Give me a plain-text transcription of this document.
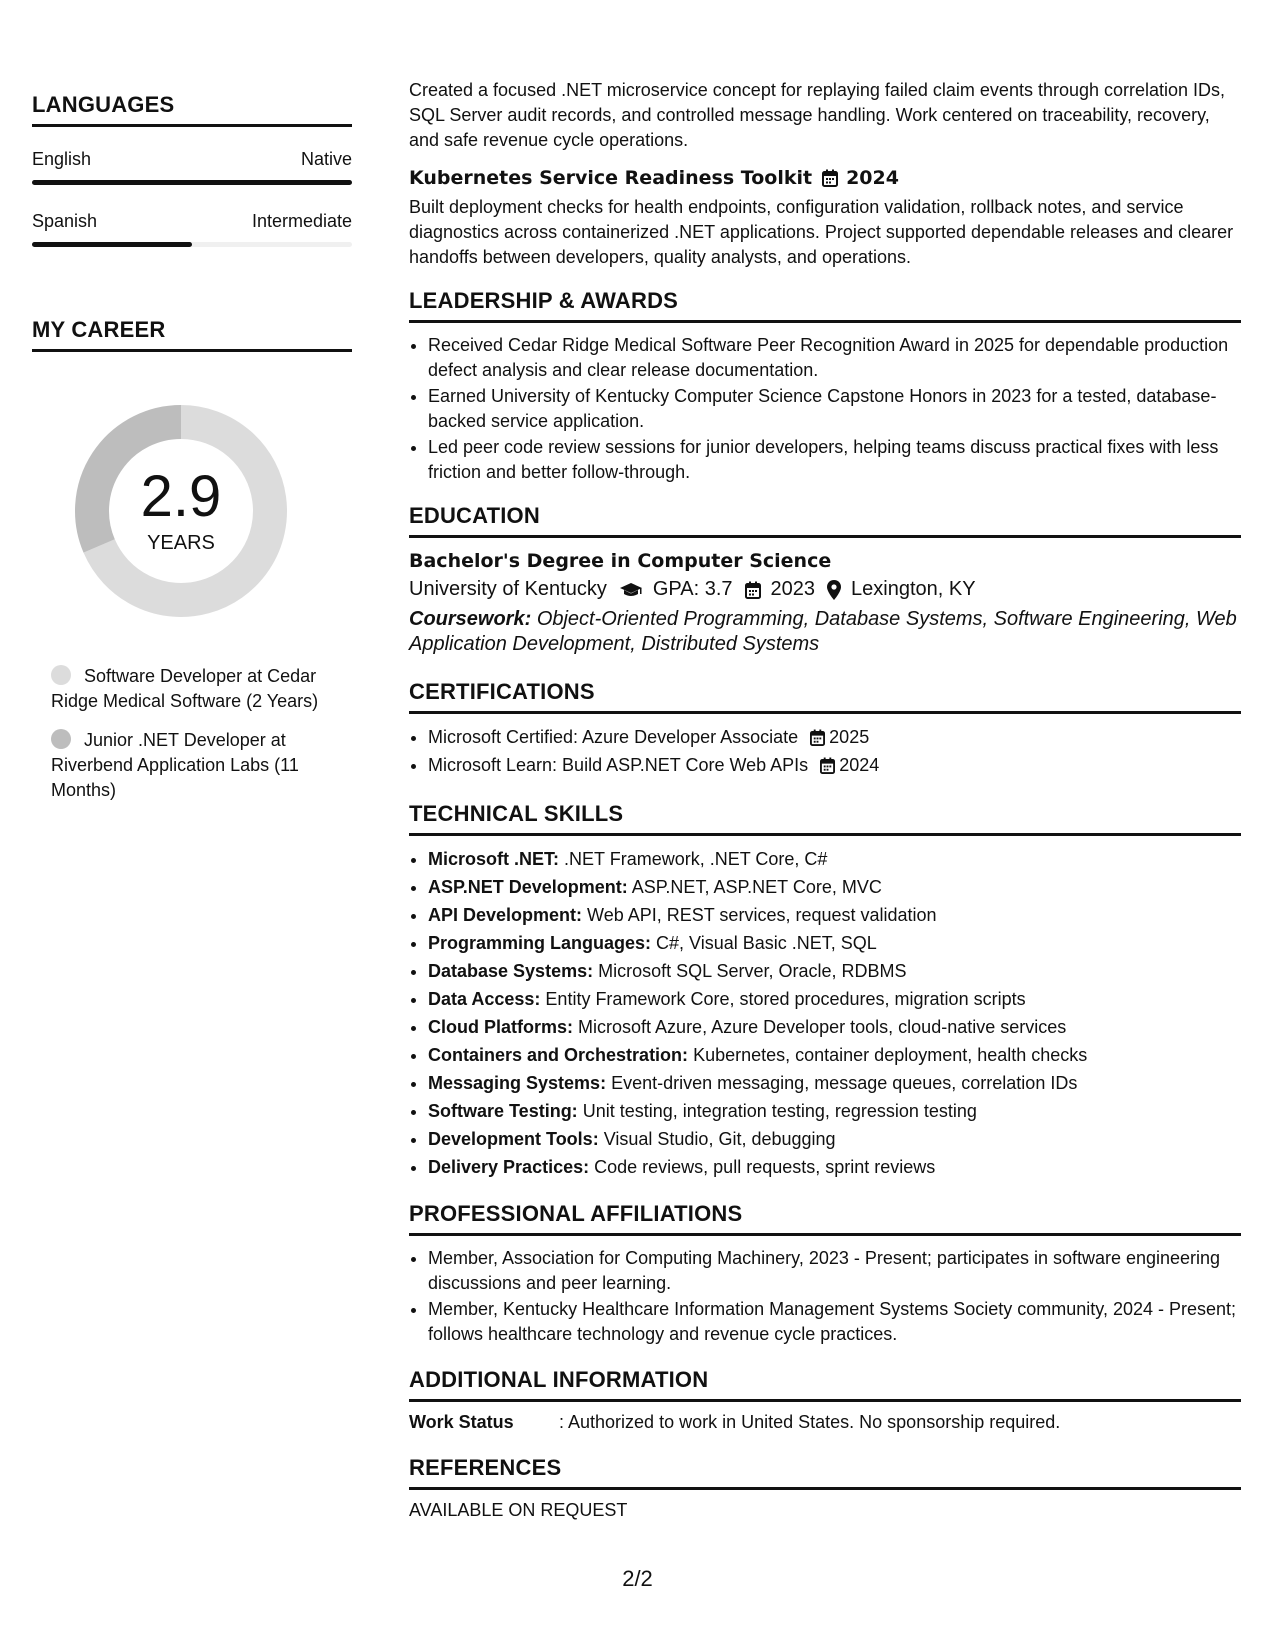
LANGUAGES
English	Native
Spanish	Intermediate
MY CAREER
2.9
YEARS
Software Developer at Cedar Ridge Medical Software (2 Years)
Junior .NET Developer at Riverbend Application Labs (11 Months)

Created a focused .NET microservice concept for replaying failed claim events through correlation IDs, SQL Server audit records, and controlled message handling. Work centered on traceability, recovery, and safe revenue cycle operations.

Kubernetes Service Readiness Toolkit 2024

Built deployment checks for health endpoints, configuration validation, rollback notes, and service diagnostics across containerized .NET applications. Project supported dependable releases and clearer handoffs between developers, quality analysts, and operations.

LEADERSHIP & AWARDS
• Received Cedar Ridge Medical Software Peer Recognition Award in 2025 for dependable production defect analysis and clear release documentation.
• Earned University of Kentucky Computer Science Capstone Honors in 2023 for a tested, database-backed service application.
• Led peer code review sessions for junior developers, helping teams discuss practical fixes with less friction and better follow-through.
EDUCATION
Bachelor's Degree in Computer Science
University of Kentucky GPA: 3.7 2023 Lexington, KY
Coursework: Object-Oriented Programming, Database Systems, Software Engineering, Web Application Development, Distributed Systems
CERTIFICATIONS
• Microsoft Certified: Azure Developer Associate 2025
• Microsoft Learn: Build ASP.NET Core Web APIs 2024
TECHNICAL SKILLS
• Microsoft .NET: .NET Framework, .NET Core, C#
• ASP.NET Development: ASP.NET, ASP.NET Core, MVC
• API Development: Web API, REST services, request validation
• Programming Languages: C#, Visual Basic .NET, SQL
• Database Systems: Microsoft SQL Server, Oracle, RDBMS
• Data Access: Entity Framework Core, stored procedures, migration scripts
• Cloud Platforms: Microsoft Azure, Azure Developer tools, cloud-native services
• Containers and Orchestration: Kubernetes, container deployment, health checks
• Messaging Systems: Event-driven messaging, message queues, correlation IDs
• Software Testing: Unit testing, integration testing, regression testing
• Development Tools: Visual Studio, Git, debugging
• Delivery Practices: Code reviews, pull requests, sprint reviews
PROFESSIONAL AFFILIATIONS
• Member, Association for Computing Machinery, 2023 - Present; participates in software engineering discussions and peer learning.
• Member, Kentucky Healthcare Information Management Systems Society community, 2024 - Present; follows healthcare technology and revenue cycle practices.
ADDITIONAL INFORMATION
Work Status	: Authorized to work in United States. No sponsorship required.
REFERENCES
AVAILABLE ON REQUEST
2/2
